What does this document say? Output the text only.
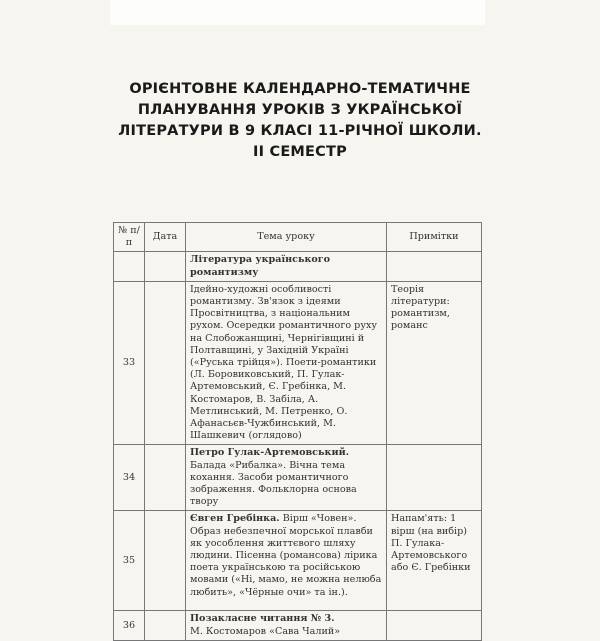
ОРІЄНТОВНЕ КАЛЕНДАРНО-ТЕМАТИЧНЕ
ПЛАНУВАННЯ УРОКІВ З УКРАЇНСЬКОЇ
ЛІТЕРАТУРИ В 9 КЛАСІ 11-РІЧНОЇ ШКОЛИ.
ІІ СЕМЕСТР
№ п/п	Дата	Тема уроку	Примітки
		Література українського романтизму	
33		Ідейно-художні особливості романтизму. Зв'язок з ідеями Просвітництва, з національним рухом. Осередки романтичного руху на Слобожанщині, Чернігівщині й Полтавщині, у Західній Україні («Руська трійця»). Поети-романтики (Л. Боровиковський, П. Гулак-Артемовський, Є. Гребінка, М. Костомаров, В. Забіла, А. Метлинський, М. Петренко, О. Афанасьєв-Чужбинський, М. Шашкевич (оглядово)	Теорія літератури: романтизм, романс
34		Петро Гулак-Артемовський.
Балада «Рибалка». Вічна тема кохання. Засоби романтичного зображення. Фольклорна основа твору	
35		Євген Гребінка. Вірш «Човен». Образ небезпечної морської плавби як уособлення життєвого шляху людини. Пісенна (романсова) лірика поета українською та російською мовами («Ні, мамо, не можна нелюба любить», «Чёрные очи» та ін.).	Напам'ять: 1 вірш (на вибір) П. Гулака-Артемовського або Є. Гребінки
36		Позакласне читання № 3.
М. Костомаров «Сава Чалий»	
